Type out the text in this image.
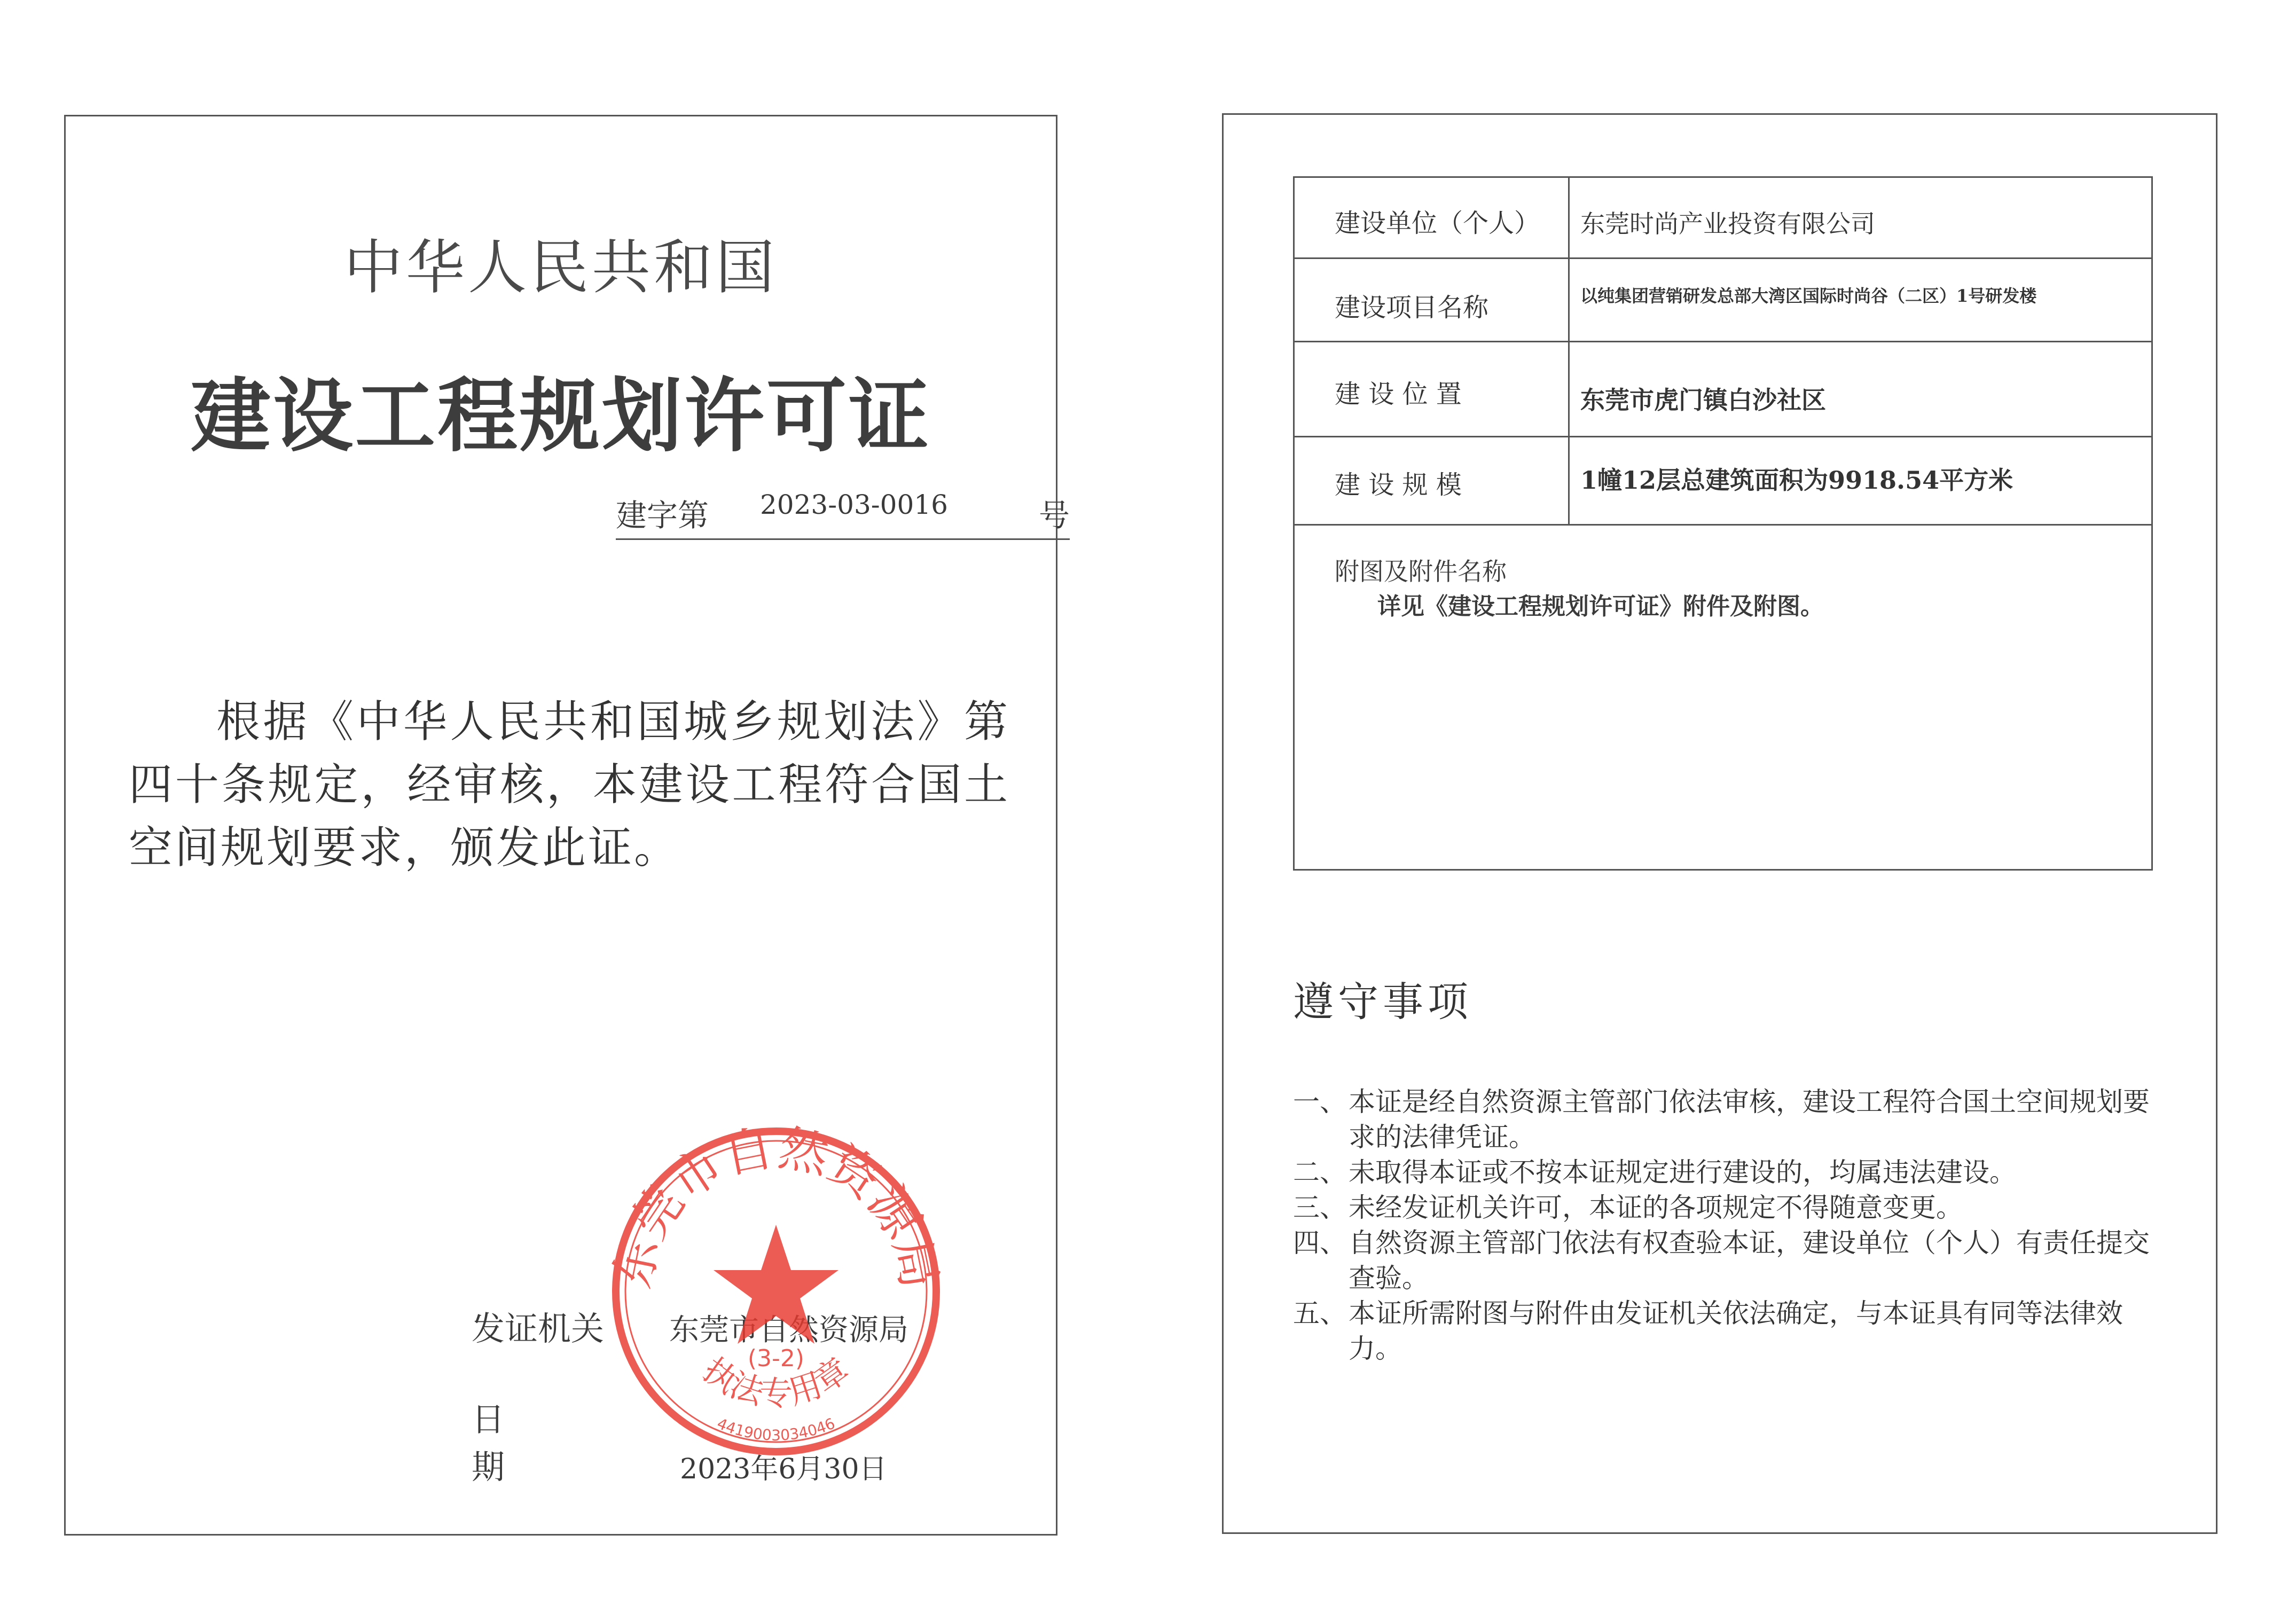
中华人民共和国
建设工程规划许可证
建字第 2023-03-0016	号
根据《中华人民共和国城乡规划法》第四十条规定，经审核，本建设工程符合国土空间规划要求，颁发此证。
发证机关 东莞市自然资源局
日期 2023年6月30日
东莞市自然资源局
执法专用章
(3-2)
4419003034046
建设单位（个人） 东莞时尚产业投资有限公司
建设项目名称	以纯集团营销研发总部大湾区国际时尚谷（二区）1号研发楼
建 设 位 置	东莞市虎门镇白沙社区
建 设 规 模	1幢12层总建筑面积为9918.54平方米
附图及附件名称
详见《建设工程规划许可证》附件及附图。
遵守事项
一、 本证是经自然资源主管部门依法审核，建设工程符合国土空间规划要求的法律凭证。
二、 未取得本证或不按本证规定进行建设的，均属违法建设。
三、 未经发证机关许可，本证的各项规定不得随意变更。
四、 自然资源主管部门依法有权查验本证，建设单位（个人）有责任提交查验。
五、 本证所需附图与附件由发证机关依法确定，与本证具有同等法律效力。
